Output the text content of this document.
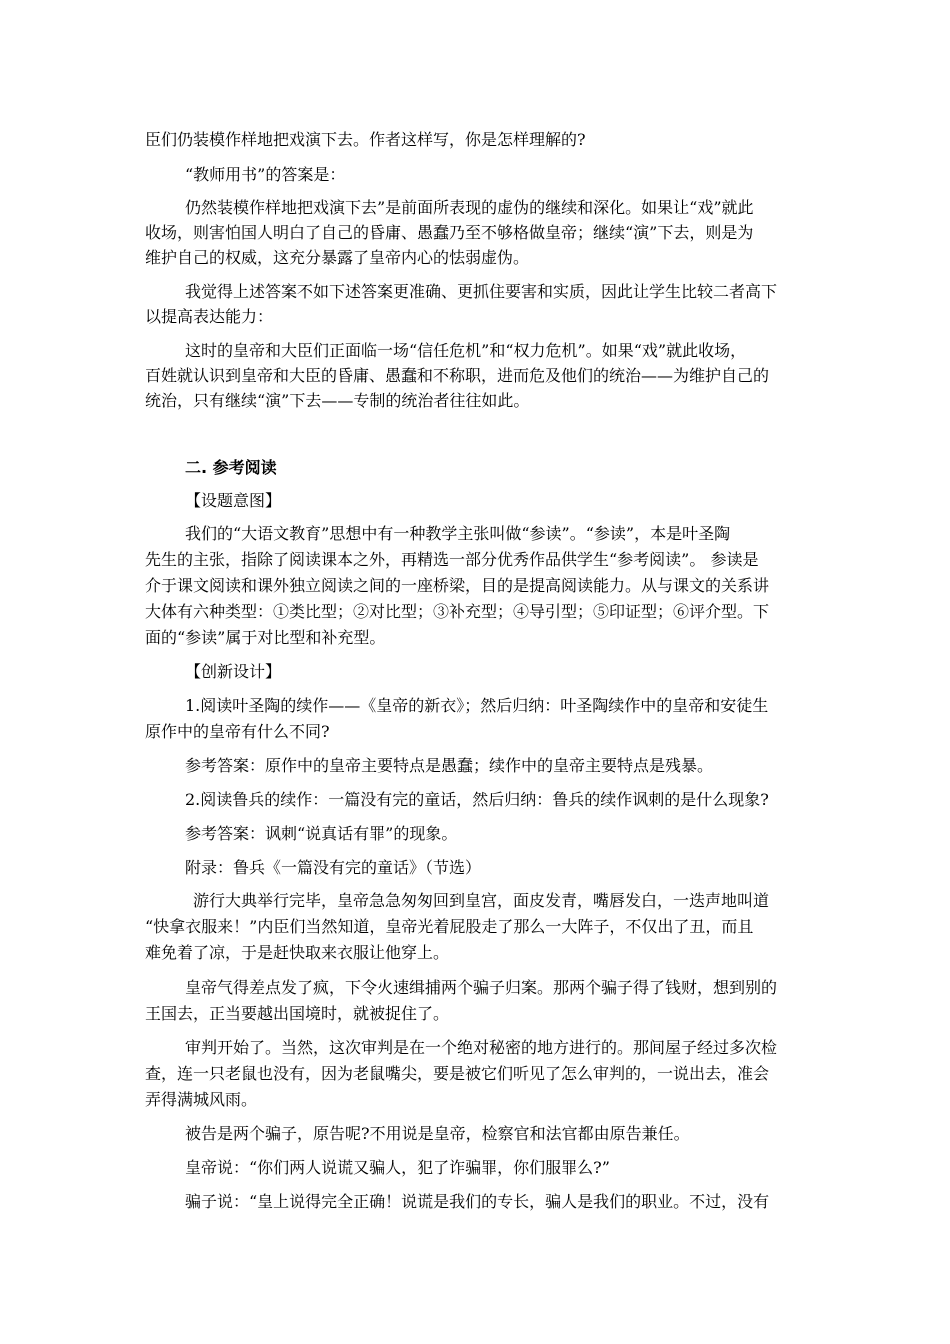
臣们仍装模作样地把戏演下去。作者这样写，你是怎样理解的?
“教师用书”的答案是：
仍然装模作样地把戏演下去”是前面所表现的虚伪的继续和深化。如果让“戏”就此
收场，则害怕国人明白了自己的昏庸、愚蠢乃至不够格做皇帝；继续“演”下去，则是为
维护自己的权威，这充分暴露了皇帝内心的怯弱虚伪。
我觉得上述答案不如下述答案更准确、更抓住要害和实质，因此让学生比较二者高下
以提高表达能力：
这时的皇帝和大臣们正面临一场“信任危机”和“权力危机”。如果“戏”就此收场，
百姓就认识到皇帝和大臣的昏庸、愚蠢和不称职，进而危及他们的统治——为维护自己的
统治，只有继续“演”下去——专制的统治者往往如此。
二. 参考阅读
【设题意图】
我们的“大语文教育”思想中有一种教学主张叫做“参读”。“参读”，本是叶圣陶
先生的主张，指除了阅读课本之外，再精选一部分优秀作品供学生“参考阅读”。 参读是
介于课文阅读和课外独立阅读之间的一座桥梁，目的是提高阅读能力。从与课文的关系讲
大体有六种类型：①类比型；②对比型；③补充型；④导引型；⑤印证型；⑥评介型。下
面的“参读”属于对比型和补充型。
【创新设计】
1.阅读叶圣陶的续作——《皇帝的新衣》；然后归纳：叶圣陶续作中的皇帝和安徒生
原作中的皇帝有什么不同?
参考答案：原作中的皇帝主要特点是愚蠢；续作中的皇帝主要特点是残暴。
2.阅读鲁兵的续作：一篇没有完的童话，然后归纳：鲁兵的续作讽刺的是什么现象?
参考答案：讽刺“说真话有罪”的现象。
附录：鲁兵《一篇没有完的童话》（节选）
游行大典举行完毕，皇帝急急匆匆回到皇宫，面皮发青，嘴唇发白，一迭声地叫道
“快拿衣服来！”内臣们当然知道，皇帝光着屁股走了那么一大阵子，不仅出了丑，而且
难免着了凉，于是赶快取来衣服让他穿上。
皇帝气得差点发了疯，下令火速缉捕两个骗子归案。那两个骗子得了钱财，想到别的
王国去，正当要越出国境时，就被捉住了。
审判开始了。当然，这次审判是在一个绝对秘密的地方进行的。那间屋子经过多次检
查，连一只老鼠也没有，因为老鼠嘴尖，要是被它们听见了怎么审判的，一说出去，准会
弄得满城风雨。
被告是两个骗子，原告呢?不用说是皇帝，检察官和法官都由原告兼任。
皇帝说：“你们两人说谎又骗人，犯了诈骗罪，你们服罪么?”
骗子说：“皇上说得完全正确！说谎是我们的专长，骗人是我们的职业。不过，没有
